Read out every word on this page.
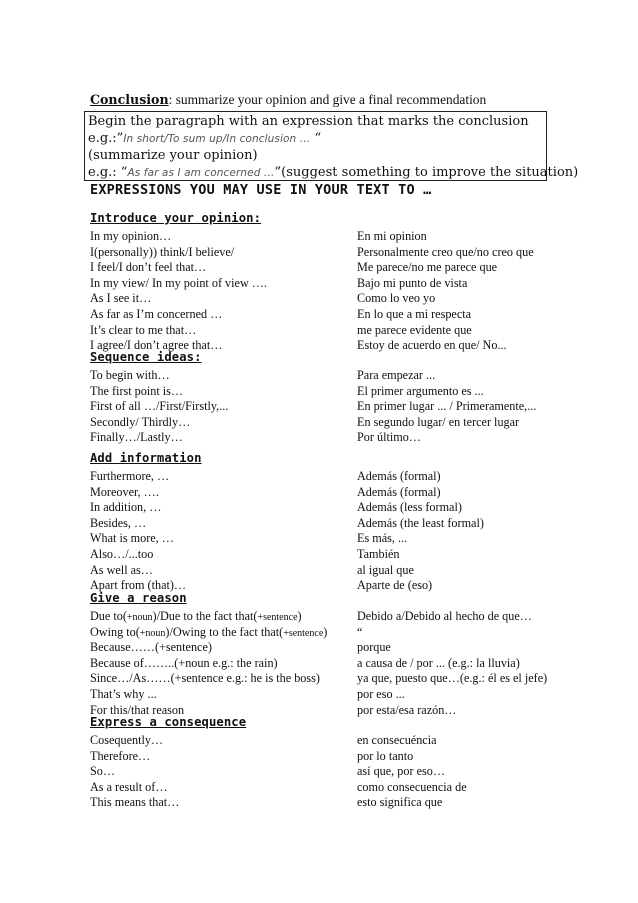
Conclusion: summarize your opinion and give a final recommendation
Begin the paragraph with an expression that marks the conclusion
e.g.:”In short/To sum up/In conclusion … “
(summarize your opinion)
e.g.: “As far as I am concerned …”(suggest something to improve the situation)
EXPRESSIONS YOU MAY USE IN YOUR TEXT TO …
Introduce your opinion:
In my opinion…	En mi opinion
I(personally)) think/I believe/	Personalmente creo que/no creo que
I feel/I don’t feel that…	Me parece/no me parece que
In my view/ In my point of view ….	Bajo mi punto de vista
As I see it…	Como lo veo yo
As far as I’m concerned …	En lo que a mi respecta
It’s clear to me that…	me parece evidente que
I agree/I don’t agree that…	Estoy de acuerdo en que/ No...
Sequence ideas:
To begin with…	Para empezar ...
The first point is…	El primer argumento es ...
First of all …/First/Firstly,...	En primer lugar ... / Primeramente,...
Secondly/ Thirdly…	En segundo lugar/ en tercer lugar
Finally…/Lastly…	Por último…
Add information
Furthermore, …	Además (formal)
Moreover, ….	Además (formal)
In addition, …	Además (less formal)
Besides, …	Además (the least formal)
What is more, …	Es más, ...
Also…/...too	También
As well as…	al igual que
Apart from (that)…	Aparte de (eso)
Give a reason
Due to(+noun)/Due to the fact that(+sentence)	Debido a/Debido al hecho de que…
Owing to(+noun)/Owing to the fact that(+sentence) “
Because……(+sentence)	porque
Because of……..(+noun e.g.: the rain)	a causa de / por ... (e.g.: la lluvia)
Since…/As……(+sentence e.g.: he is the boss)	ya que, puesto que…(e.g.: él es el jefe)
That’s why ...	por eso ...
For this/that reason	por esta/esa razón…
Express a consequence
Cosequently…	en consecuéncia
Therefore…	por lo tanto
So…	así que, por eso…
As a result of…	como consecuencia de
This means that…	esto significa que
